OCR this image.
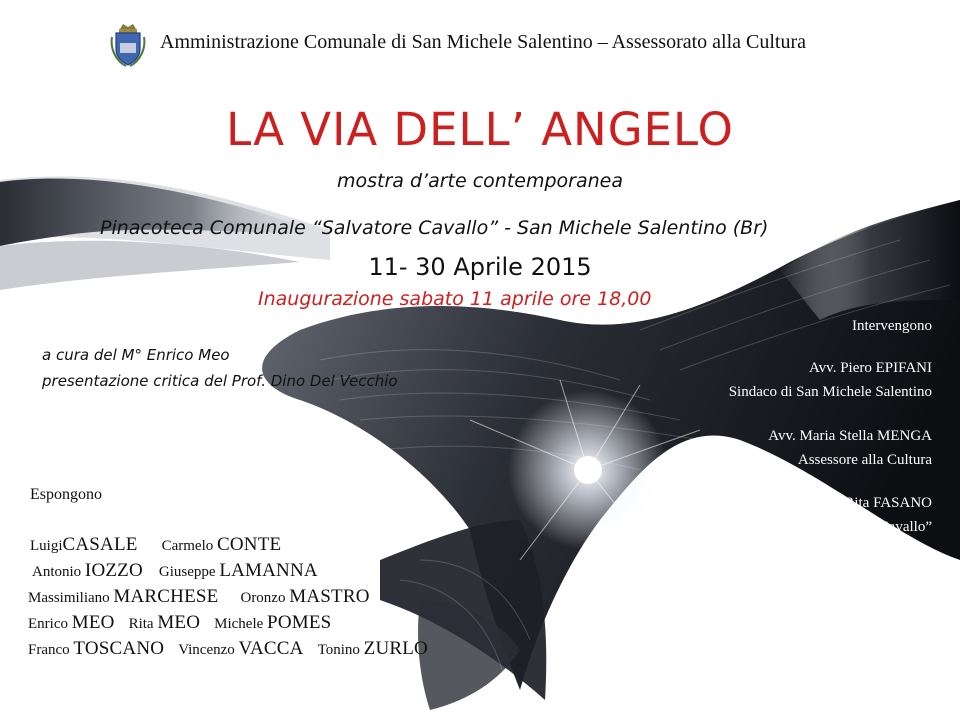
Amministrazione Comunale di San Michele Salentino – Assessorato alla Cultura
LA VIA DELL’ ANGELO
mostra d’arte contemporanea
Pinacoteca Comunale “Salvatore Cavallo” - San Michele Salentino (Br)
11- 30 Aprile 2015
Inaugurazione sabato 11 aprile ore 18,00
a cura del M° Enrico Meo
presentazione critica del Prof. Dino Del Vecchio
Intervengono
Avv. Piero EPIFANI
Sindaco di San Michele Salentino
Avv. Maria Stella MENGA
Assessore alla Cultura
Prof.ssa Rita FASANO
Curatrice della Pinacoteca“Salvatore Cavallo”
Espongono
LuigiCASALE Carmelo CONTE
Antonio IOZZO Giuseppe LAMANNA
Massimiliano MARCHESE Oronzo MASTRO
Enrico MEO Rita MEO Michele POMES
Franco TOSCANO Vincenzo VACCA Tonino ZURLO
Orari di apertura:
Mattina : martedì e giovedì ore 10,30 – 12,30
Sera :dal lunedì al venerdì ore 17,30 -.19,30
Sabato e domenica chiuso
per info . 347 0080778 e-mail pinacoteca.cavallo@libero.it
